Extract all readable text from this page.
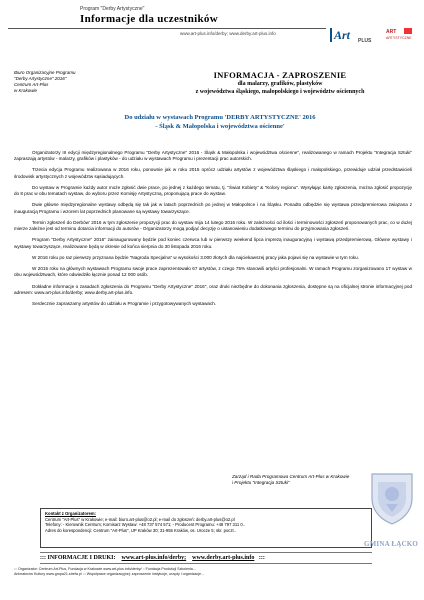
Program "Derby Artystyczne"
Informacje dla uczestników
www.art-plus.info/derby; www.derby.art-plus.info	Art PLUS
ART
ARTYSTYCZNE
Biuro Organizacyjne Programu
"Derby Artystyczne" 2016"
Centrum Art-Plus
w Krakowie
INFORMACJA - ZAPROSZENIE
dla malarzy, grafików, plastyków
z województwa śląskiego, małopolskiego i województw ościennych
Do udziału w wystawach Programu 'DERBY ARTYSTYCZNE' 2016
- Śląsk & Małopolska i województwa ościenne'

Organizatorzy III edycji międzyregionalnego Programu "Derby Artystyczne" 2016 - Śląsk & Małopolska i województwa ościenne", realizowanego w ramach Projektu "Integracja Sztuki" zapraszają artystów - malarzy, grafików i plastyków - do udziału w wystawach Programu i prezentacji prac autorskich.

Trzecia edycja Programu realizowana w 2016 roku, ponownie jak w roku 2015 oprócz udziału artystów z województwa śląskiego i małopolskiego, przewiduje udział przedstawicieli środowisk artystycznych z województw sąsiadujących.

Do wystaw w Programie każdy autor może zgłosić dwie prace, po jednej z każdego tematu, tj. "Świat Kobiety" & "Kolory regionu". Wysyłając kartę zgłoszenia, można zgłosić propozycję do 8 prac w obu tematach wystaw, do wyboru przez Komisję Artystyczną, proponującą prace do wystaw.

Dwie główne międzyregionalne wystawy odbędą się tak jak w latach poprzednich po jednej w Małopolsce i na Śląsku. Ponadto odbędzie się wystawa przedpremierowa związana z inauguracją Programu i wzorem lat poprzednich planowane są wystawy towarzyszące.

Termin zgłoszeń do Derbów' 2016 w tym zgłoszenie propozycji prac do wystaw mija 14 lutego 2016 roku. W zależności od ilości i terminowości zgłoszeń proponowanych prac, co w dużej mierze zależne jest od terminu dotarcia informacji do autorów - Organizatorzy mogą podjąć decyzję o ustanowieniu dodatkowego terminu do przyjmowania zgłoszeń.

Program "Derby Artystyczne" 2016" zainaugurowany będzie pod koniec czerwca lub w pierwszy weekend lipca imprezą inauguracyjną i wystawą przedpremierową. Główne wystawy i wystawy towarzyszące, realizowane będą w okresie od końca sierpnia do 30 listopada 2016 roku.

W 2016 roku po raz pierwszy przyznana będzie "Nagroda Specjalna" w wysokości 3.000 złotych dla najciekawszej pracy jaka pojawi się na wystawie w tym roku.

W 2015 roku na głównych wystawach Programu swoje prace zaprezentowało 67 artystów, z czego 75% stanowili artyści profesjonalni. W ramach Programu zorganizowano 17 wystaw w obu województwach, które odwiedziło łącznie ponad 12 000 osób.

Dokładne informacje o zasadach zgłoszenia do Programu "Derby Artystyczne" 2016", oraz druki niezbędne do dokonania zgłoszenia, dostępne są na oficjalnej stronie informacyjnej pod adresem: www.art-plus.info/derby; www.derby.art-plus.info.

Serdecznie zapraszamy artystów do udziału w Programie i przygotowywanych wystawach.

Zarząd i Rada Programowa Centrum Art-Plus w Krakowie
i Projektu "Integracja Sztuki"
Kontakt z Organizatorem:
Centrum "Art-Plus" w Krakowie; e-mail: biuro.art-plus@o2.pl; e-mail do zgłoszeń: derby.art-plus@o2.pl
Telefony: - Kierownik Centrum; Komisarz Wystaw: +48 737 574 571; - Producent Programu: +48 797 311 0..
Adres do korespondencji: Centrum "Art-Plus", UP Kraków 30; 31-955 Kraków, os. Urocze 5; skr. poczt..
::: INFORMACJE I DRUKI: www.art-plus.info/derby; www.derby.art-plus.info :::
::: Organizator: Centrum Art-Plus, Fundacja w Krakowie www.art-plus.info/derby/ :: Fundacja Produkcji Szkolenia...
Animatorów Kultury www.grupa21.strefa.pl ::: Współprace organizacyjnej: zaproszenie instytucje, urzędy i organizacje...
GMINA ŁĄCKO
